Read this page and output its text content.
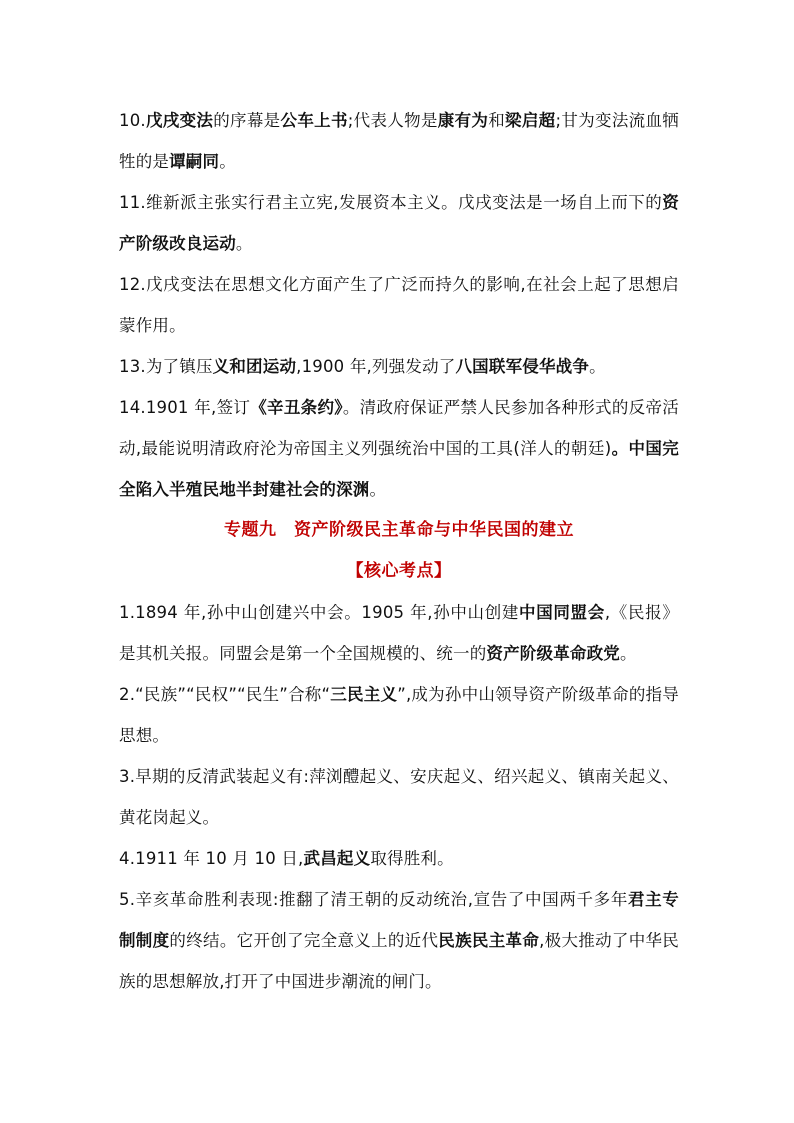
10.戊戌变法的序幕是公车上书;代表人物是康有为和梁启超;甘为变法流血牺牲的是谭嗣同。

11.维新派主张实行君主立宪,发展资本主义。戊戌变法是一场自上而下的资产阶级改良运动。

12.戊戌变法在思想文化方面产生了广泛而持久的影响,在社会上起了思想启蒙作用。

13.为了镇压义和团运动,1900 年,列强发动了八国联军侵华战争。

14.1901 年,签订《辛丑条约》。清政府保证严禁人民参加各种形式的反帝活动,最能说明清政府沦为帝国主义列强统治中国的工具(洋人的朝廷)。中国完全陷入半殖民地半封建社会的深渊。

专题九　资产阶级民主革命与中华民国的建立
【核心考点】

1.1894 年,孙中山创建兴中会。1905 年,孙中山创建中国同盟会,《民报》是其机关报。同盟会是第一个全国规模的、统一的资产阶级革命政党。

2.“民族”“民权”“民生”合称“三民主义”,成为孙中山领导资产阶级革命的指导思想。

3.早期的反清武装起义有:萍浏醴起义、安庆起义、绍兴起义、镇南关起义、黄花岗起义。

4.1911 年 10 月 10 日,武昌起义取得胜利。

5.辛亥革命胜利表现:推翻了清王朝的反动统治,宣告了中国两千多年君主专制制度的终结。它开创了完全意义上的近代民族民主革命,极大推动了中华民族的思想解放,打开了中国进步潮流的闸门。
